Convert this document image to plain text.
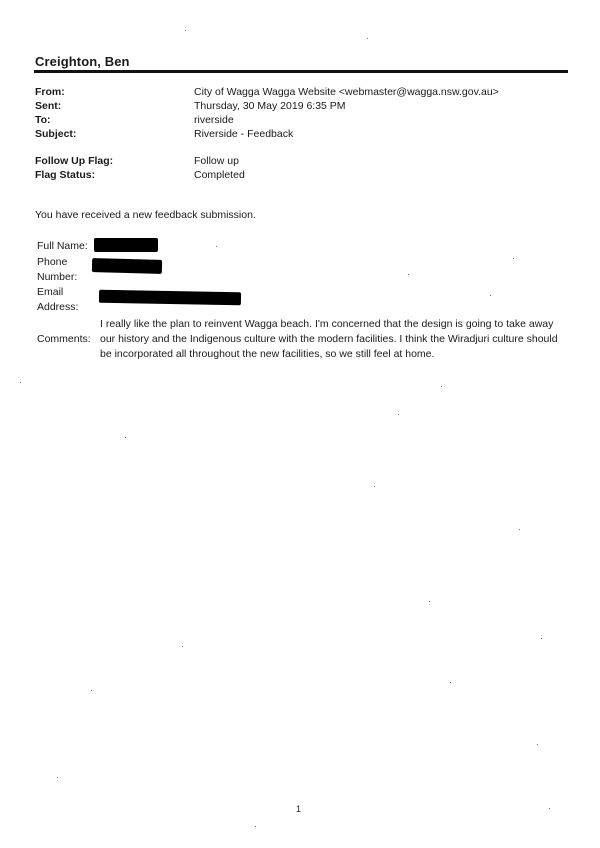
Creighton, Ben
From:	City of Wagga Wagga Website <webmaster@wagga.nsw.gov.au>
Sent:	Thursday, 30 May 2019 6:35 PM
To:	riverside
Subject:	Riverside - Feedback
Follow Up Flag:	Follow up
Flag Status:	Completed
You have received a new feedback submission.
Full Name:
Phone
Number:
Email
Address:
Comments:
I really like the plan to reinvent Wagga beach. I'm concerned that the design is going to take away our history and the Indigenous culture with the modern facilities. I think the Wiradjuri culture should be incorporated all throughout the new facilities, so we still feel at home.
1
